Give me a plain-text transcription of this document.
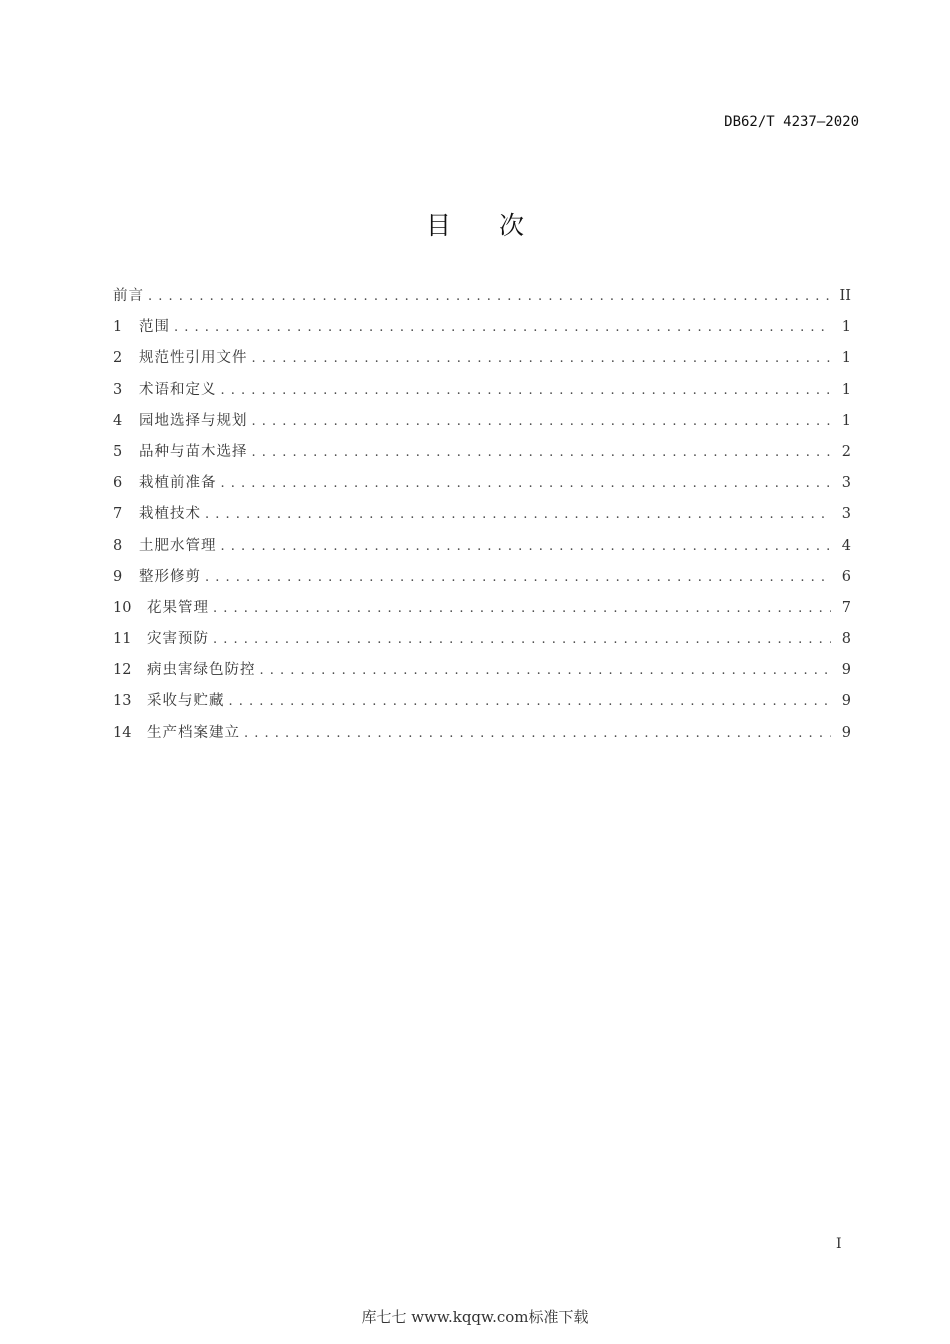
DB62/T 4237—2020
目 次
前言 . . .	II
1	范围 . . .	1
2	规范性引用文件 . . .	1
3	术语和定义 . . .	1
4	园地选择与规划 . . .	1
5	品种与苗木选择 . . .	2
6	栽植前准备 . . .	3
7	栽植技术 . . .	3
8	土肥水管理 . . .	4
9	整形修剪 . . .	6
10	花果管理 . . .	7
11	灾害预防 . . .	8
12	病虫害绿色防控 . . .	9
13	采收与贮藏 . . .	9
14	生产档案建立 . . .	9
I
库七七 www.kqqw.com标准下载
